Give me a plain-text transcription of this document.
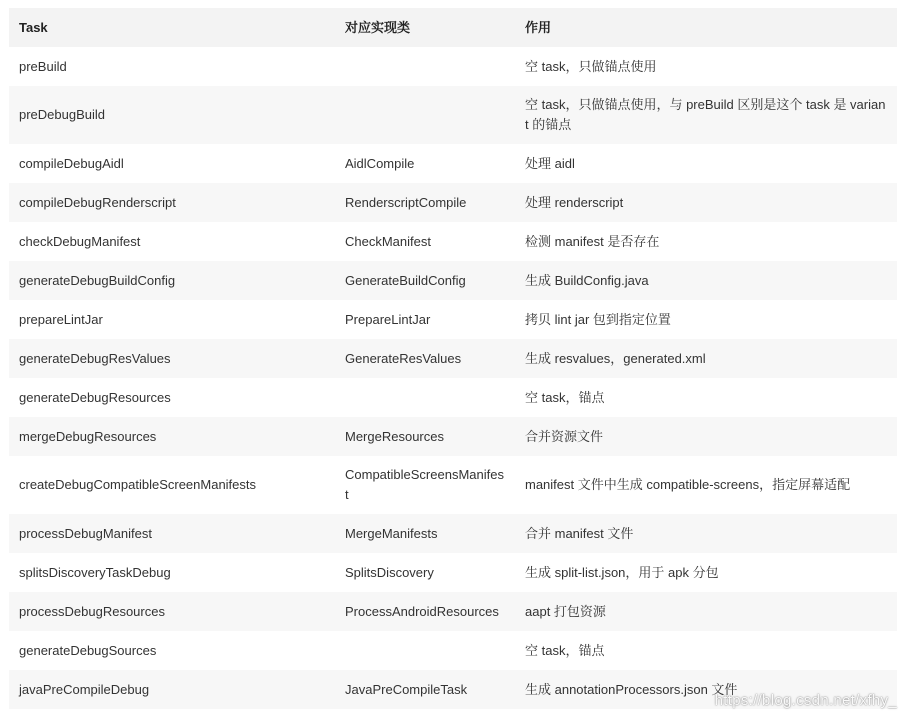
Task	对应实现类	作用
preBuild		空 task，只做锚点使用
preDebugBuild		空 task，只做锚点使用，与 preBuild 区别是这个 task 是 variant 的锚点
compileDebugAidl	AidlCompile	处理 aidl
compileDebugRenderscript	RenderscriptCompile	处理 renderscript
checkDebugManifest	CheckManifest	检测 manifest 是否存在
generateDebugBuildConfig	GenerateBuildConfig	生成 BuildConfig.java
prepareLintJar	PrepareLintJar	拷贝 lint jar 包到指定位置
generateDebugResValues	GenerateResValues	生成 resvalues，generated.xml
generateDebugResources		空 task，锚点
mergeDebugResources	MergeResources	合并资源文件
createDebugCompatibleScreenManifests	CompatibleScreensManifest	manifest 文件中生成 compatible-screens，指定屏幕适配
processDebugManifest	MergeManifests	合并 manifest 文件
splitsDiscoveryTaskDebug	SplitsDiscovery	生成 split-list.json，用于 apk 分包
processDebugResources	ProcessAndroidResources	aapt 打包资源
generateDebugSources		空 task，锚点
javaPreCompileDebug	JavaPreCompileTask	生成 annotationProcessors.json 文件
https://blog.csdn.net/xfhy_
